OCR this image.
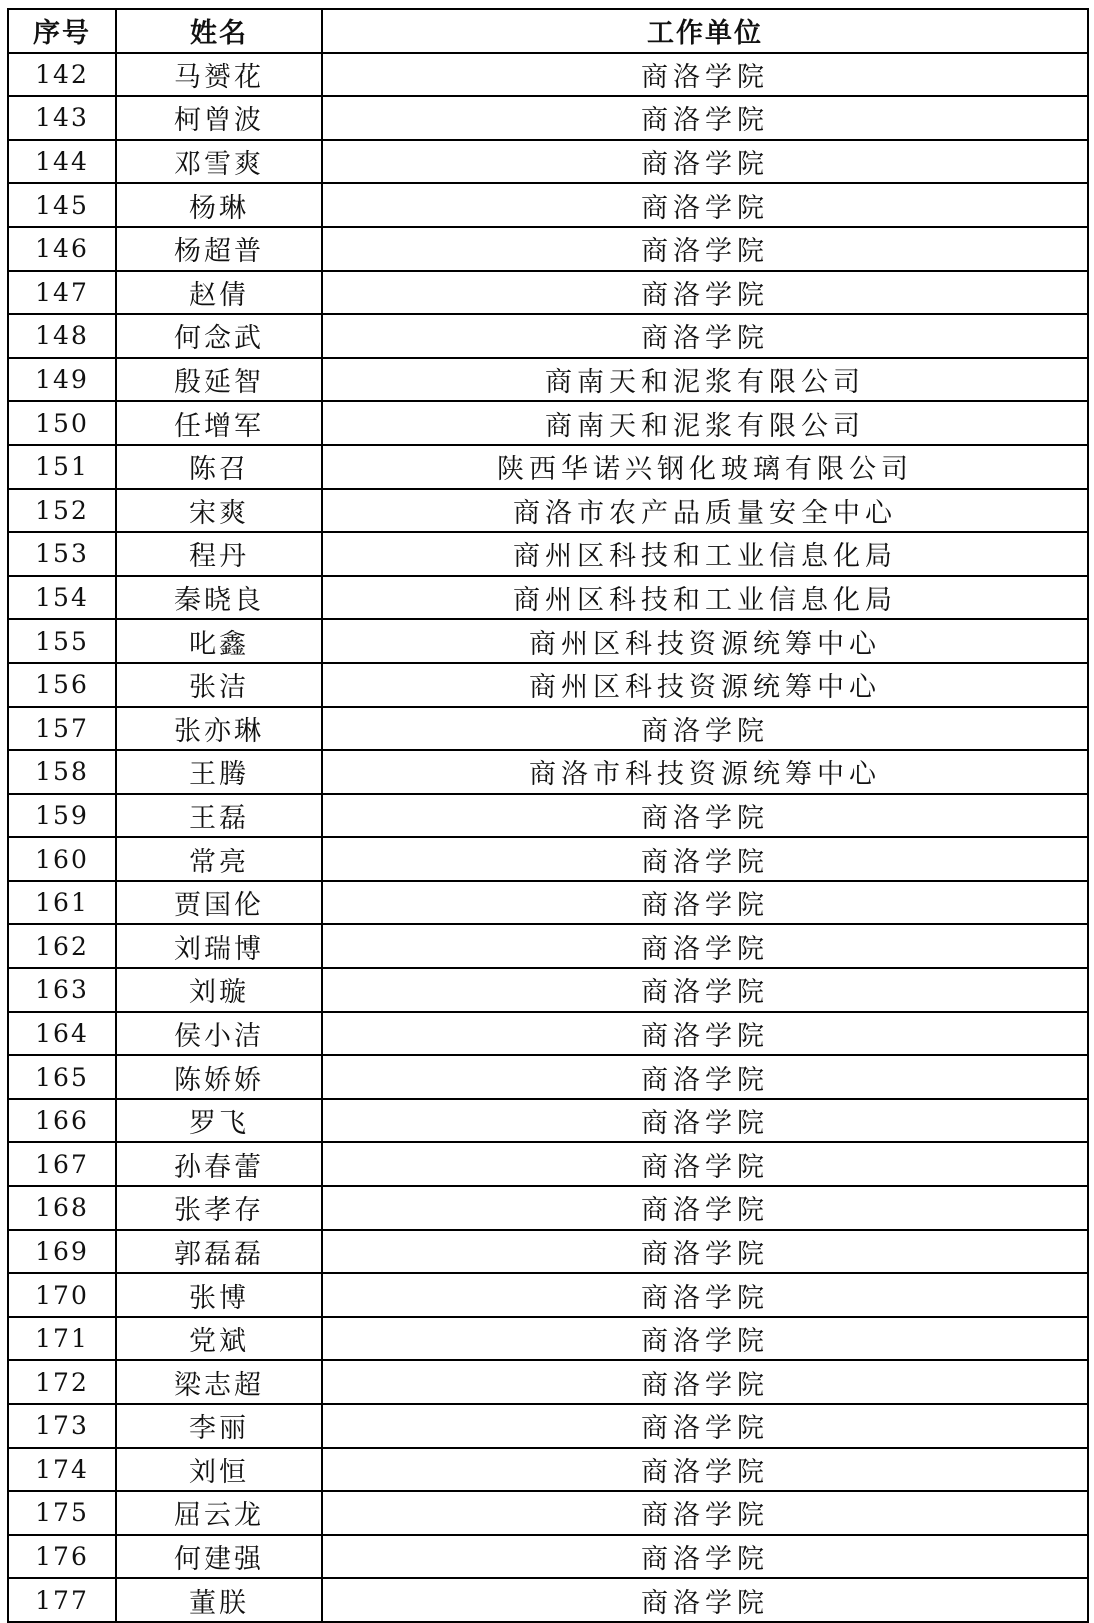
序号	姓名	工作单位
142	马赟花	商洛学院
143	柯曾波	商洛学院
144	邓雪爽	商洛学院
145	杨琳	商洛学院
146	杨超普	商洛学院
147	赵倩	商洛学院
148	何念武	商洛学院
149	殷延智	商南天和泥浆有限公司
150	任增军	商南天和泥浆有限公司
151	陈召	陕西华诺兴钢化玻璃有限公司
152	宋爽	商洛市农产品质量安全中心
153	程丹	商州区科技和工业信息化局
154	秦晓良	商州区科技和工业信息化局
155	叱鑫	商州区科技资源统筹中心
156	张洁	商州区科技资源统筹中心
157	张亦琳	商洛学院
158	王腾	商洛市科技资源统筹中心
159	王磊	商洛学院
160	常亮	商洛学院
161	贾国伦	商洛学院
162	刘瑞博	商洛学院
163	刘璇	商洛学院
164	侯小洁	商洛学院
165	陈娇娇	商洛学院
166	罗飞	商洛学院
167	孙春蕾	商洛学院
168	张孝存	商洛学院
169	郭磊磊	商洛学院
170	张博	商洛学院
171	党斌	商洛学院
172	梁志超	商洛学院
173	李丽	商洛学院
174	刘恒	商洛学院
175	屈云龙	商洛学院
176	何建强	商洛学院
177	董朕	商洛学院
